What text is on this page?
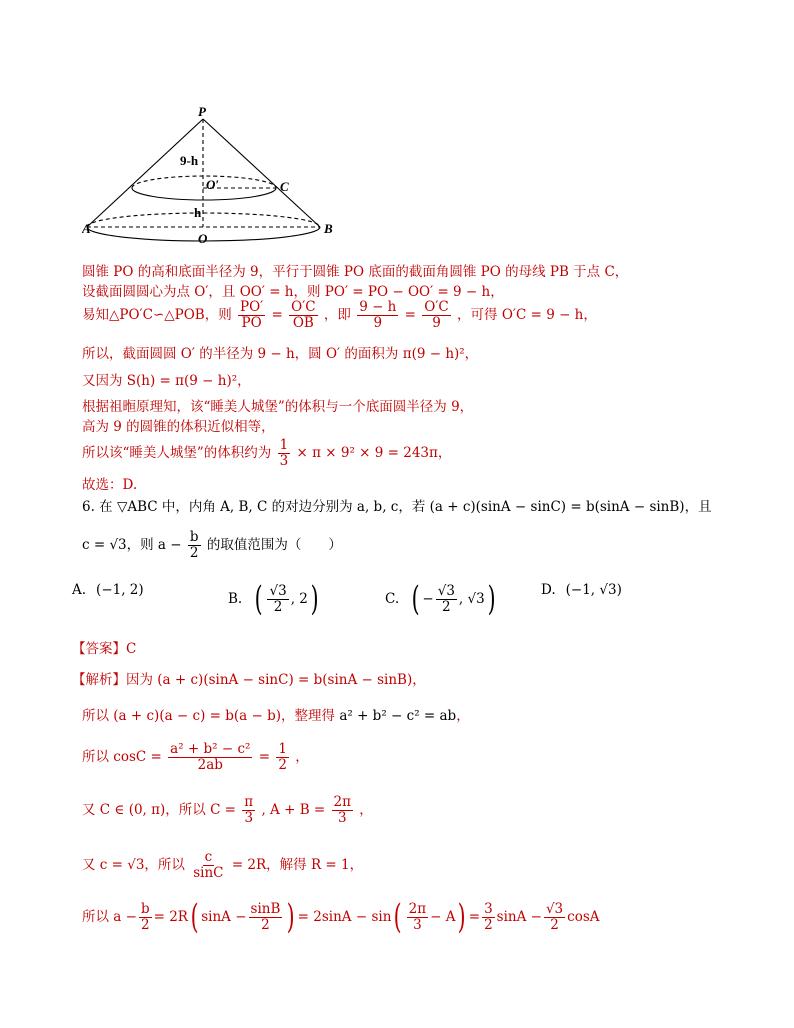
P
A	B
C
O
O′
9-h
h
圆锥 PO 的高和底面半径为 9，平行于圆锥 PO 底面的截面角圆锥 PO 的母线 PB 于点 C，
设截面圆圆心为点 O′，且 OO′ = h，则 PO′ = PO − OO′ = 9 − h，
易知△PO′C∽△POB，则 $\frac{PO'}{PO} = \frac{O'C}{OB}$ ，即 $\frac{9 - h}{9} = \frac{O'C}{9}$ ，可得 O′C = 9 − h，
所以，截面圆圆 O′ 的半径为 9 − h，圆 O′ 的面积为 π(9 − h)²，
又因为 S(h) = π(9 − h)²，
根据祖暅原理知，该“睡美人城堡”的体积与一个底面圆半径为 9，
高为 9 的圆锥的体积近似相等，
所以该“睡美人城堡”的体积约为 $\frac{1}{3} \times \pi \times 9^2 \times 9 = 243\pi$，
故选：D.
6. 在 ▽ABC 中，内角 A, B, C 的对边分别为 a, b, c，若 (a + c)(sinA − sinC) = b(sinA − sinB)，且
c = √3，则 $a - \frac{b}{2}$ 的取值范围为（　　）
A. (−1, 2)
B. ( $\frac{√3}{2}$ , 2 )	C. ( − $\frac{√3}{2}$ , √3 )	D. (−1, √3)
【答案】C
【解析】因为 (a + c)(sinA − sinC) = b(sinA − sinB)，
所以 (a + c)(a − c) = b(a − b)，整理得 a² + b² − c² = ab，
所以 $\cos C = \frac{\text{a² + b² − c²}}{2ab} = \frac{1}{2}$ ，
又 C ∈ (0, π)，所以 $C = \frac{\pi}{3}$ , $A + B = \frac{2\pi}{3}$ ，
又 c = √3，所以 $\frac{c}{\sin C} = 2R$，解得 R = 1，
所以 $a - \frac{b}{2} = 2R$ ( $\sin A - \frac{\sin B}{2}$ ) = 2sinA − sin ( $\frac{2\pi}{3} - A$ ) = $\frac{3}{2}$ $\sin A - \frac{√3}{2}$ cosA
